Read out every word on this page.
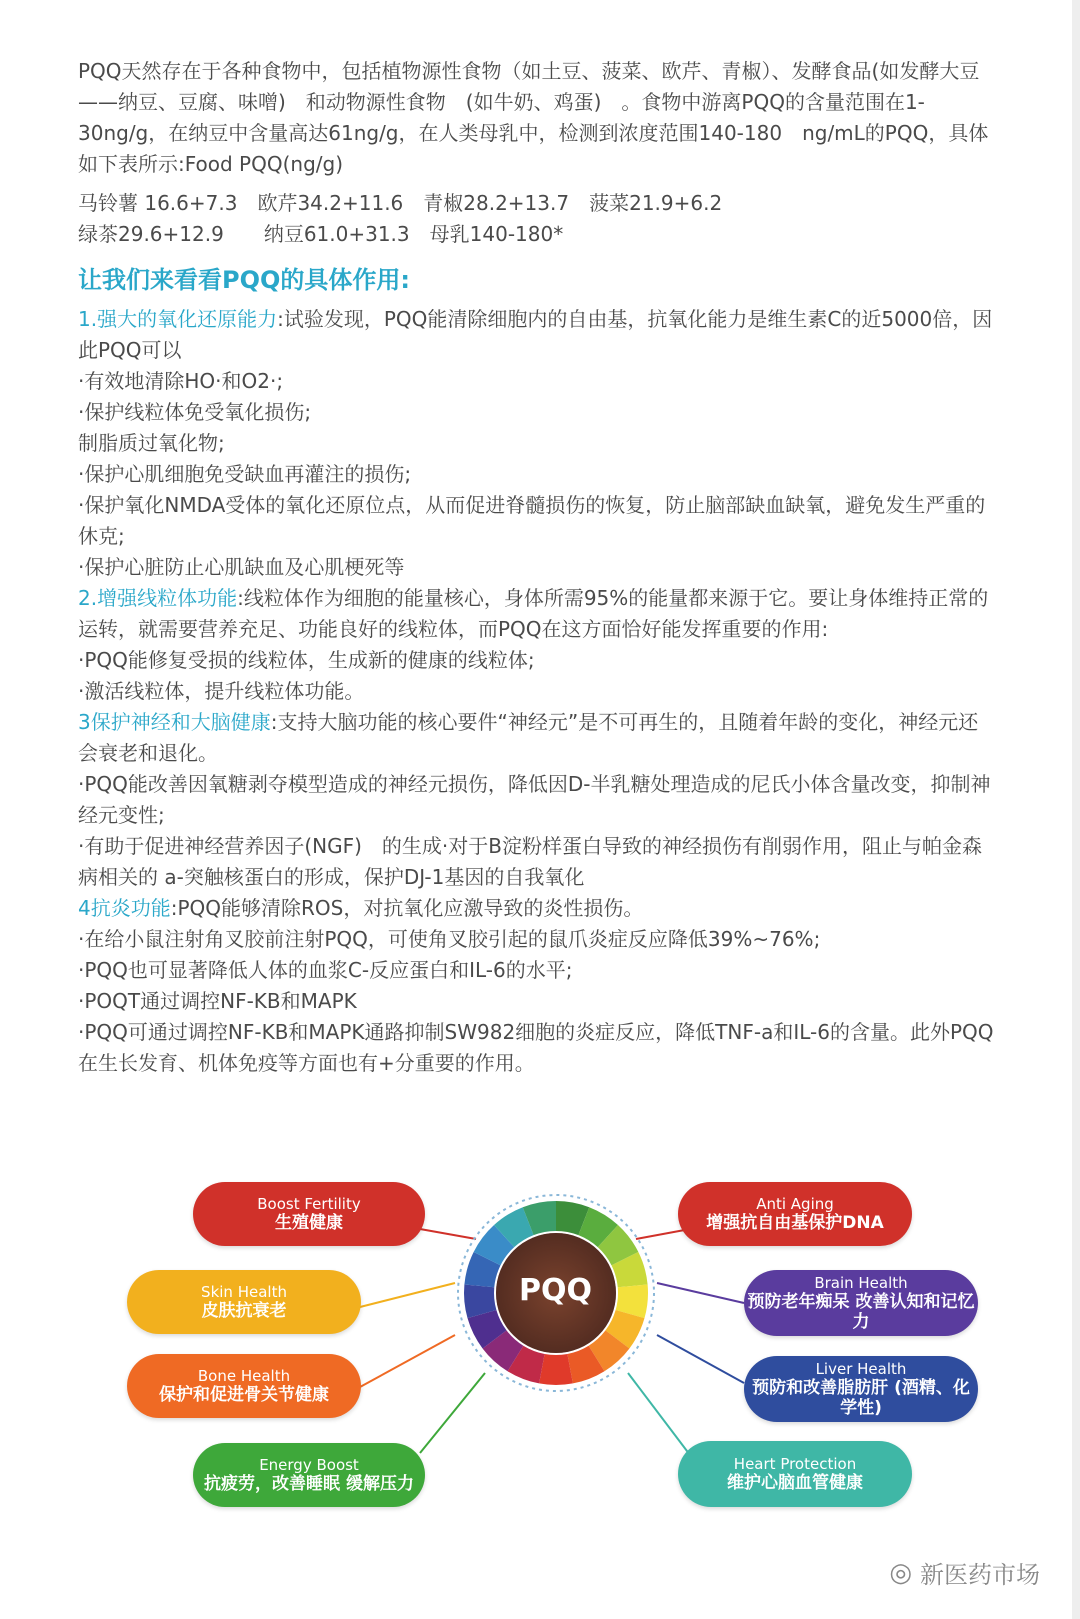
PQQ天然存在于各种食物中，包括植物源性食物（如土豆、菠菜、欧芹、青椒）、发酵食品(如发酵大豆——纳豆、豆腐、味噌)　和动物源性食物　(如牛奶、鸡蛋)　。食物中游离PQQ的含量范围在1-30ng/g，在纳豆中含量高达61ng/g，在人类母乳中，检测到浓度范围140-180　ng/mL的PQQ，具体如下表所示:Food PQQ(ng/g)

马铃薯 16.6+7.3　欧芹34.2+11.6　青椒28.2+13.7　菠菜21.9+6.2

绿茶29.6+12.9　　纳豆61.0+31.3　母乳140-180*

让我们来看看PQQ的具体作用:

1.强大的氧化还原能力:试验发现，PQQ能清除细胞内的自由基，抗氧化能力是维生素C的近5000倍，因此PQQ可以

·有效地清除HO·和O2·;

·保护线粒体免受氧化损伤;

制脂质过氧化物;

·保护心肌细胞免受缺血再灌注的损伤;

·保护氧化NMDA受体的氧化还原位点，从而促进脊髓损伤的恢复，防止脑部缺血缺氧，避免发生严重的休克;

·保护心脏防止心肌缺血及心肌梗死等

2.增强线粒体功能:线粒体作为细胞的能量核心，身体所需95%的能量都来源于它。要让身体维持正常的运转，就需要营养充足、功能良好的线粒体，而PQQ在这方面恰好能发挥重要的作用:

·PQQ能修复受损的线粒体，生成新的健康的线粒体;

·激活线粒体，提升线粒体功能。

3保护神经和大脑健康:支持大脑功能的核心要件“神经元”是不可再生的，且随着年龄的变化，神经元还会衰老和退化。

·PQQ能改善因氧糖剥夺模型造成的神经元损伤，降低因D-半乳糖处理造成的尼氏小体含量改变，抑制神经元变性;

·有助于促进神经营养因子(NGF)　的生成·对于B淀粉样蛋白导致的神经损伤有削弱作用，阻止与帕金森病相关的 a-突触核蛋白的形成，保护DJ-1基因的自我氧化

4抗炎功能:PQQ能够清除ROS，对抗氧化应激导致的炎性损伤。

·在给小鼠注射角叉胶前注射PQQ，可使角叉胶引起的鼠爪炎症反应降低39%~76%;

·PQQ也可显著降低人体的血浆C-反应蛋白和IL-6的水平;

·POQT通过调控NF-KB和MAPK

·PQQ可通过调控NF-KB和MAPK通路抑制SW982细胞的炎症反应，降低TNF-a和IL-6的含量。此外PQQ在生长发育、机体免疫等方面也有+分重要的作用。

PQQ
Boost Fertility
生殖健康
Skin Health
皮肤抗衰老
Bone Health
保护和促进骨关节健康
Energy Boost
抗疲劳，改善睡眠 缓解压力
Anti Aging
增强抗自由基保护DNA
Brain Health
预防老年痴呆 改善认知和记忆力
Liver Health
预防和改善脂肪肝 (酒精、化学性)
Heart Protection
维护心脑血管健康
◎ 新医药市场
